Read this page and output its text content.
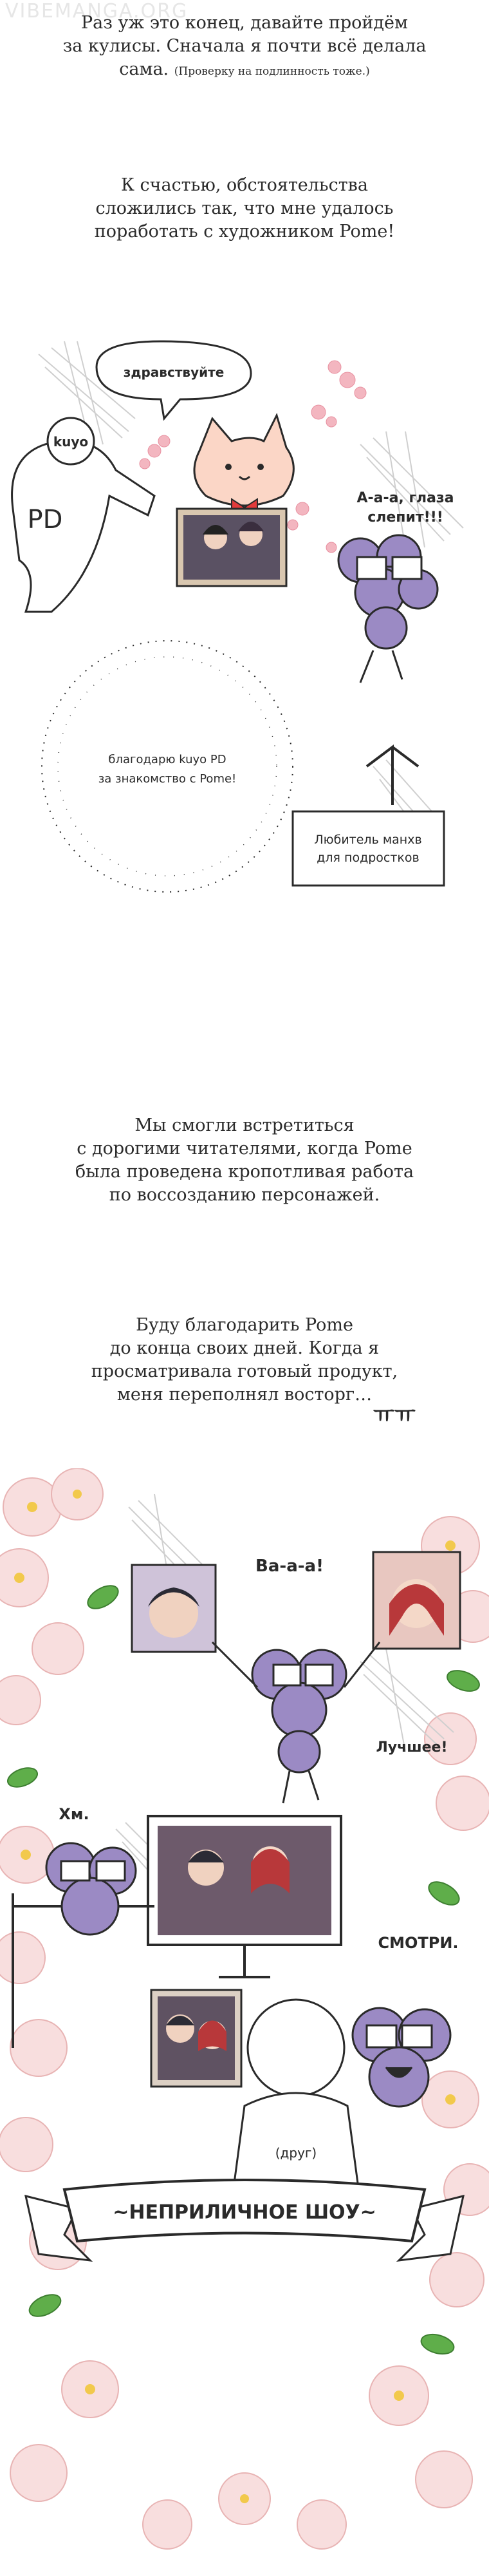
VIBEMANGA.ORG
Раз уж это конец, давайте пройдём
за кулисы. Сначала я почти всё делала
сама. (Проверку на подлинность тоже.)
К счастью, обстоятельства
сложились так, что мне удалось
поработать с художником Pome!
здравствуйте
kuyo
PD
А-а-а, глаза
слепит!!!
благодарю kuyo PD
за знакомство с Pome!
Любитель манхв
для подростков
Мы смогли встретиться
с дорогими читателями, когда Pome
была проведена кропотливая работа
по воссозданию персонажей.
Буду благодарить Pome
до конца своих дней. Когда я
просматривала готовый продукт,
меня переполнял восторг…
ㅠㅠ
Ва-а-а!
Лучшее!
Хм.
СМОТРИ.
(друг)
~НЕПРИЛИЧНОЕ ШОУ~
